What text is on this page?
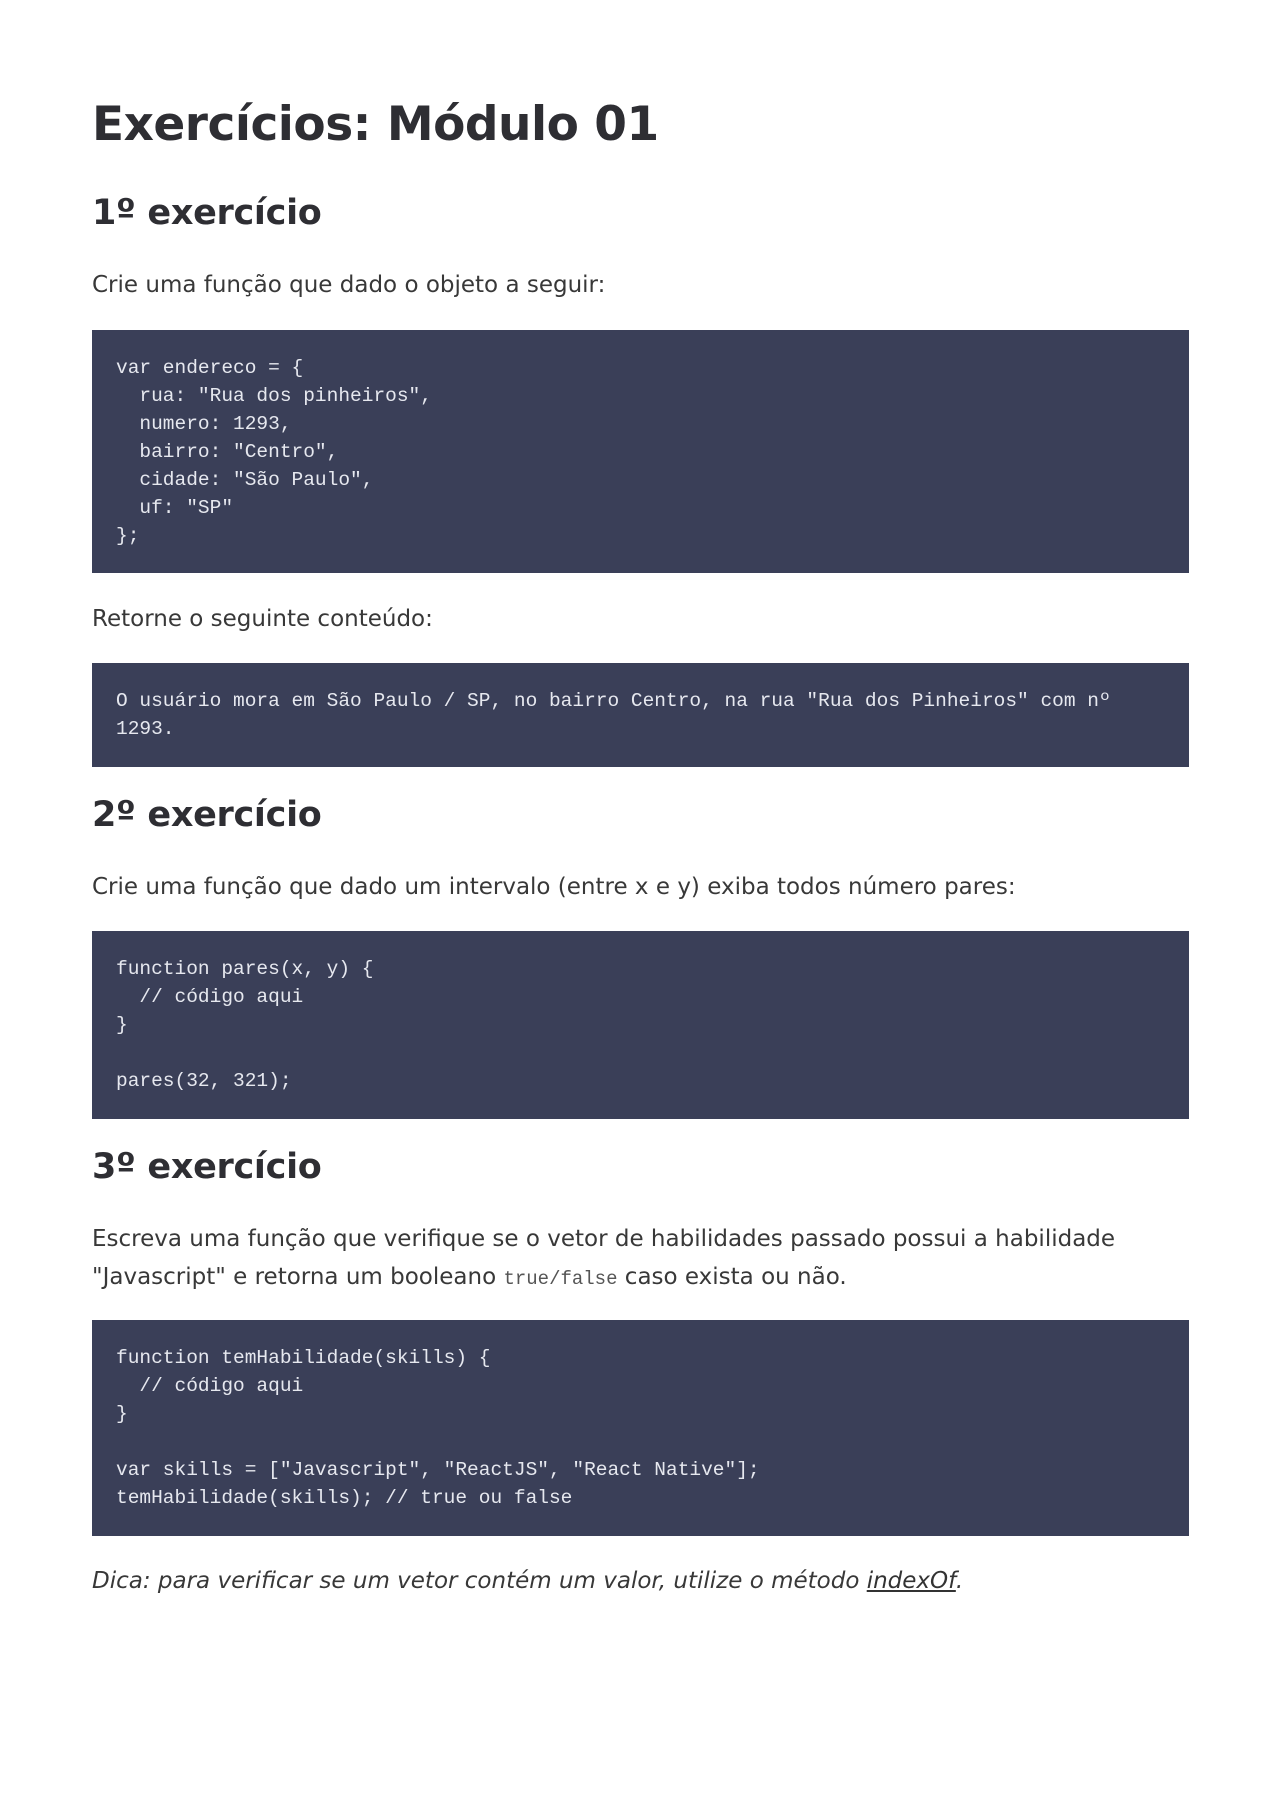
Exercícios: Módulo 01
1º exercício

Crie uma função que dado o objeto a seguir:

var endereco = {
rua: "Rua dos pinheiros",
numero: 1293,
bairro: "Centro",
cidade: "São Paulo",
uf: "SP"
};

Retorne o seguinte conteúdo:

O usuário mora em São Paulo / SP, no bairro Centro, na rua "Rua dos Pinheiros" com nº 1293.
2º exercício

Crie uma função que dado um intervalo (entre x e y) exiba todos número pares:

function pares(x, y) {
// código aqui
}

pares(32, 321);
3º exercício

Escreva uma função que verifique se o vetor de habilidades passado possui a habilidade "Javascript" e retorna um booleano true/false caso exista ou não.

function temHabilidade(skills) {
// código aqui
}

var skills = ["Javascript", "ReactJS", "React Native"];
temHabilidade(skills); // true ou false

Dica: para verificar se um vetor contém um valor, utilize o método indexOf.
